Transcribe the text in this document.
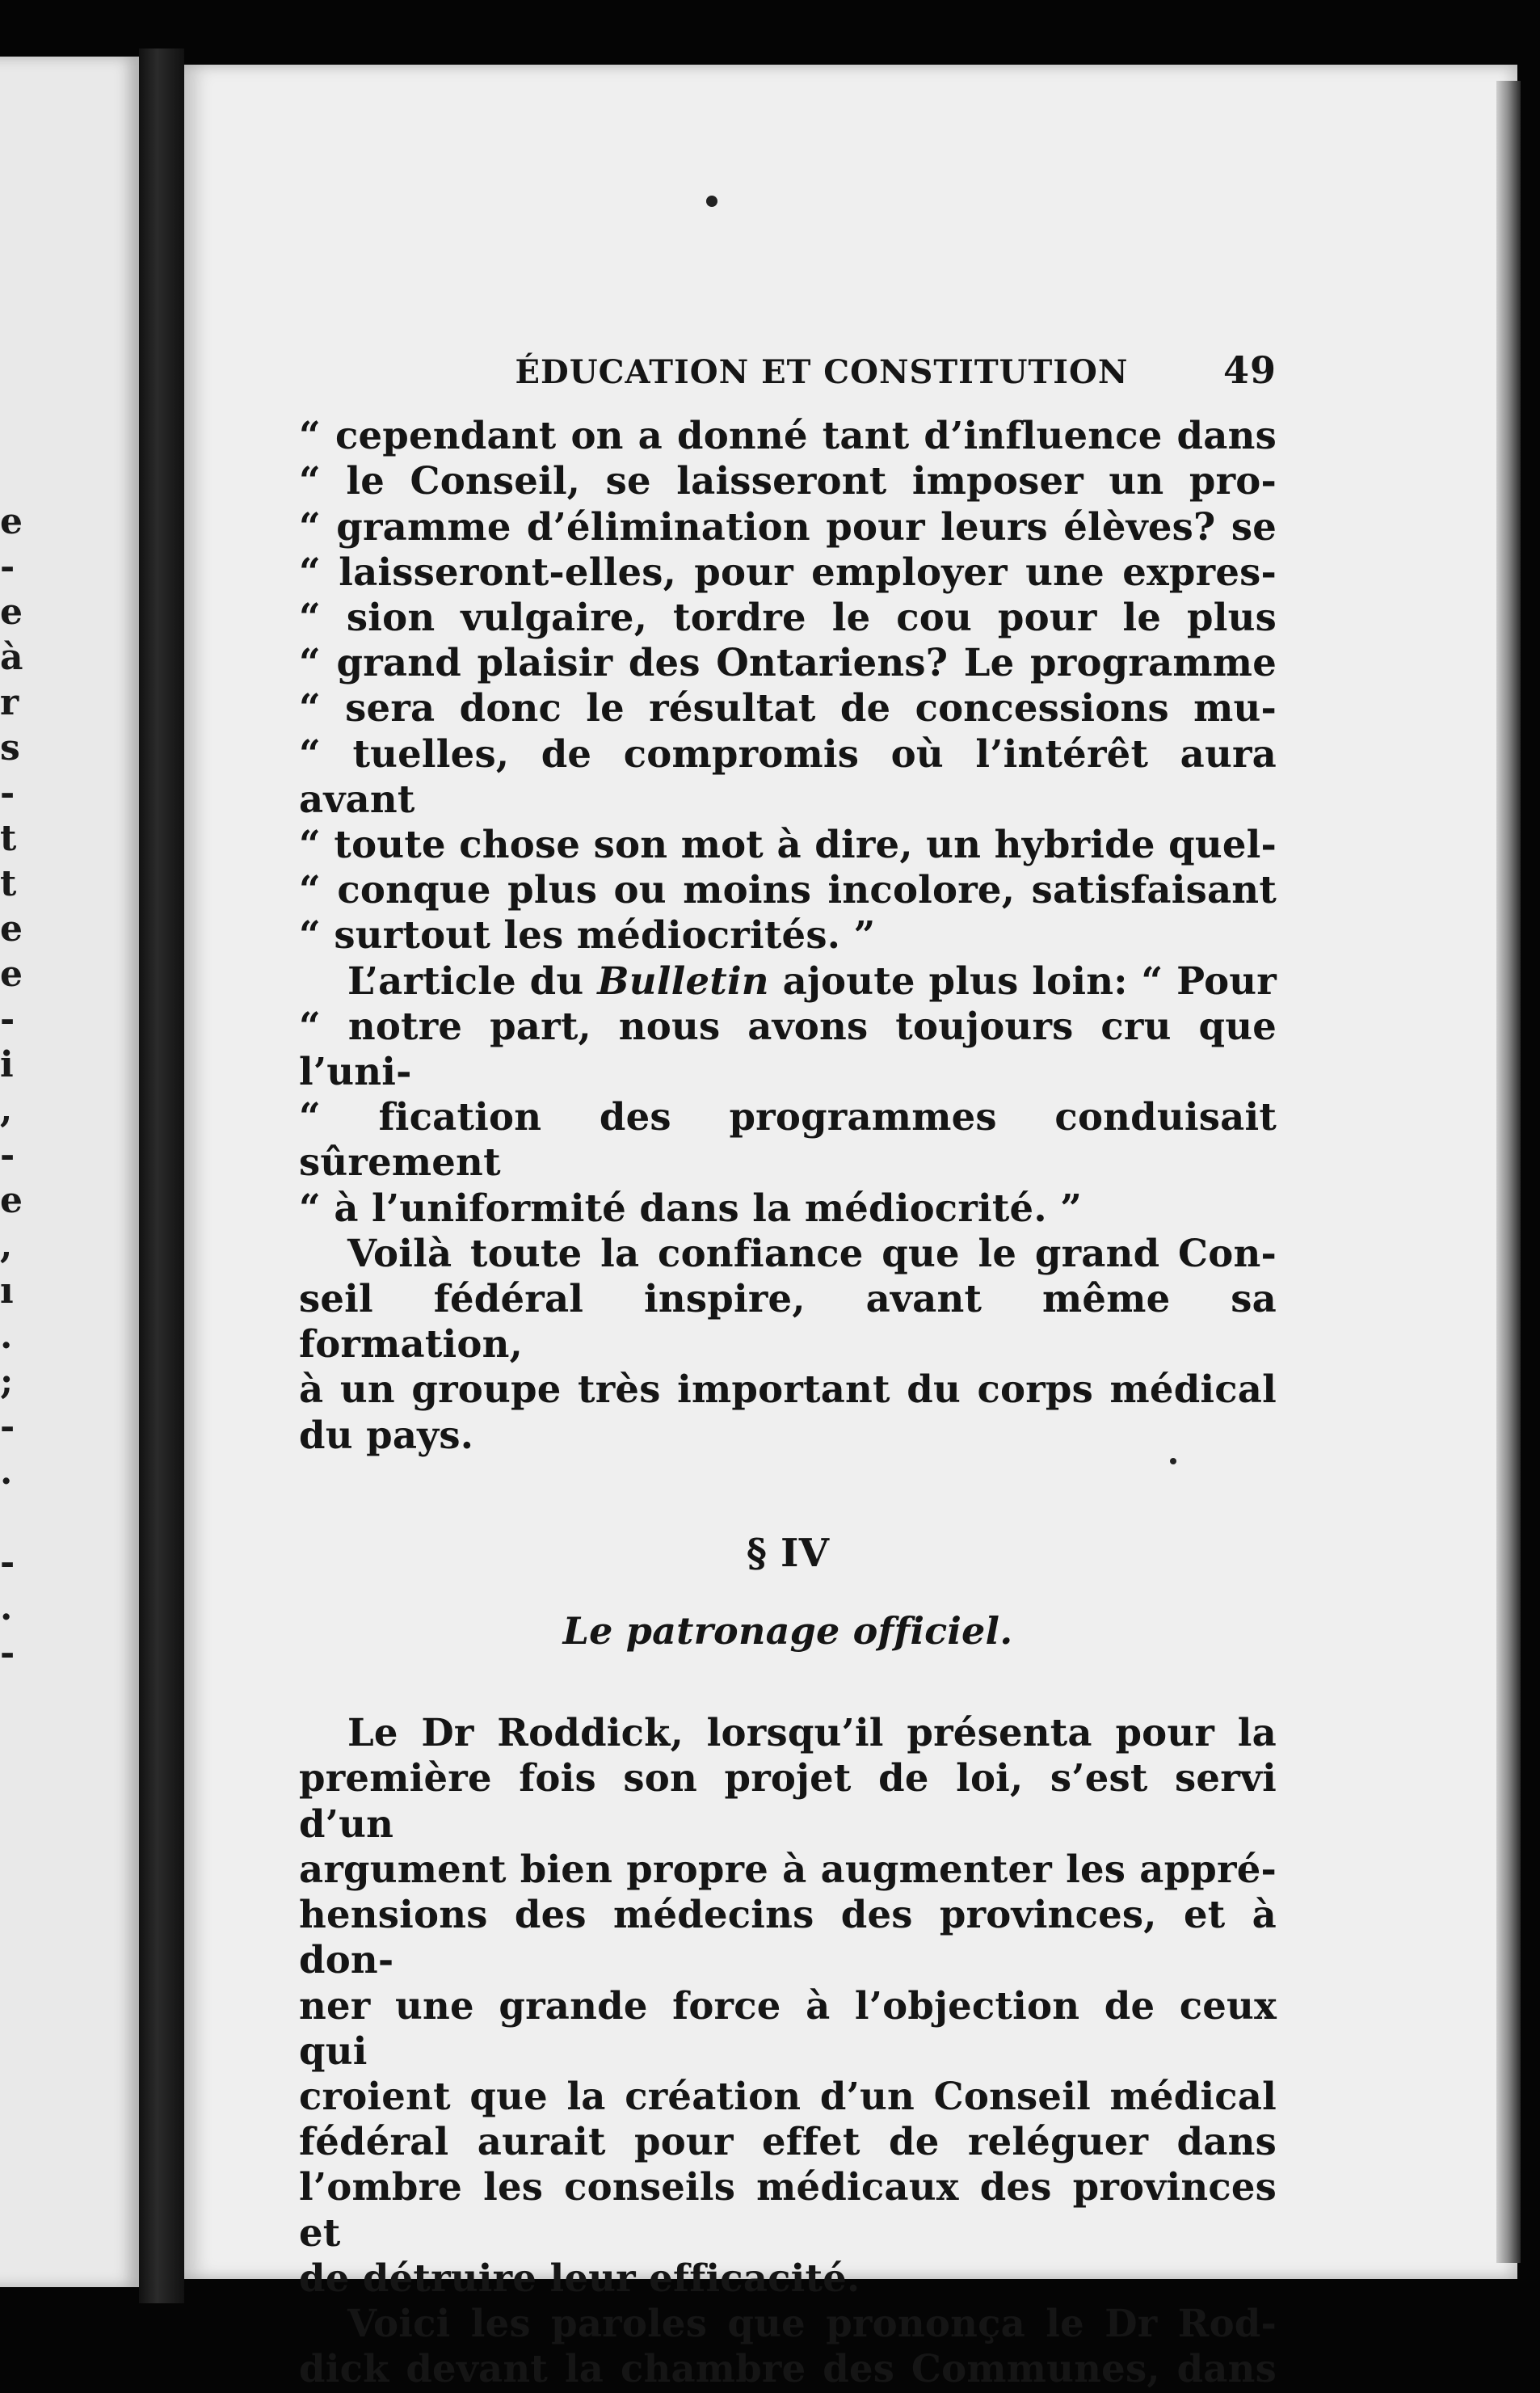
e
-
e
à
r
s
-
t
t
e
e
-
i
,
-
e
,
ı
.
;
-
.

-
.
-
ÉDUCATION ET CONSTITUTION	49
“ cependant on a donné tant d’influence dans
“ le Conseil, se laisseront imposer un pro-
“ gramme d’élimination pour leurs élèves? se
“ laisseront-elles, pour employer une expres-
“ sion vulgaire, tordre le cou pour le plus
“ grand plaisir des Ontariens? Le programme
“ sera donc le résultat de concessions mu-
“ tuelles, de compromis où l’intérêt aura avant
“ toute chose son mot à dire, un hybride quel-
“ conque plus ou moins incolore, satisfaisant
“ surtout les médiocrités. ”
L’article du Bulletin ajoute plus loin: “ Pour
“ notre part, nous avons toujours cru que l’uni-
“ fication des programmes conduisait sûrement
“ à l’uniformité dans la médiocrité. ”
Voilà toute la confiance que le grand Con-
seil fédéral inspire, avant même sa formation,
à un groupe très important du corps médical
du pays.
§ IV
Le patronage officiel.
Le Dr Roddick, lorsqu’il présenta pour la
première fois son projet de loi, s’est servi d’un
argument bien propre à augmenter les appré-
hensions des médecins des provinces, et à don-
ner une grande force à l’objection de ceux qui
croient que la création d’un Conseil médical
fédéral aurait pour effet de reléguer dans
l’ombre les conseils médicaux des provinces et
de détruire leur efficacité.
Voici les paroles que prononça le Dr Rod-
dick devant la chambre des Communes, dans
